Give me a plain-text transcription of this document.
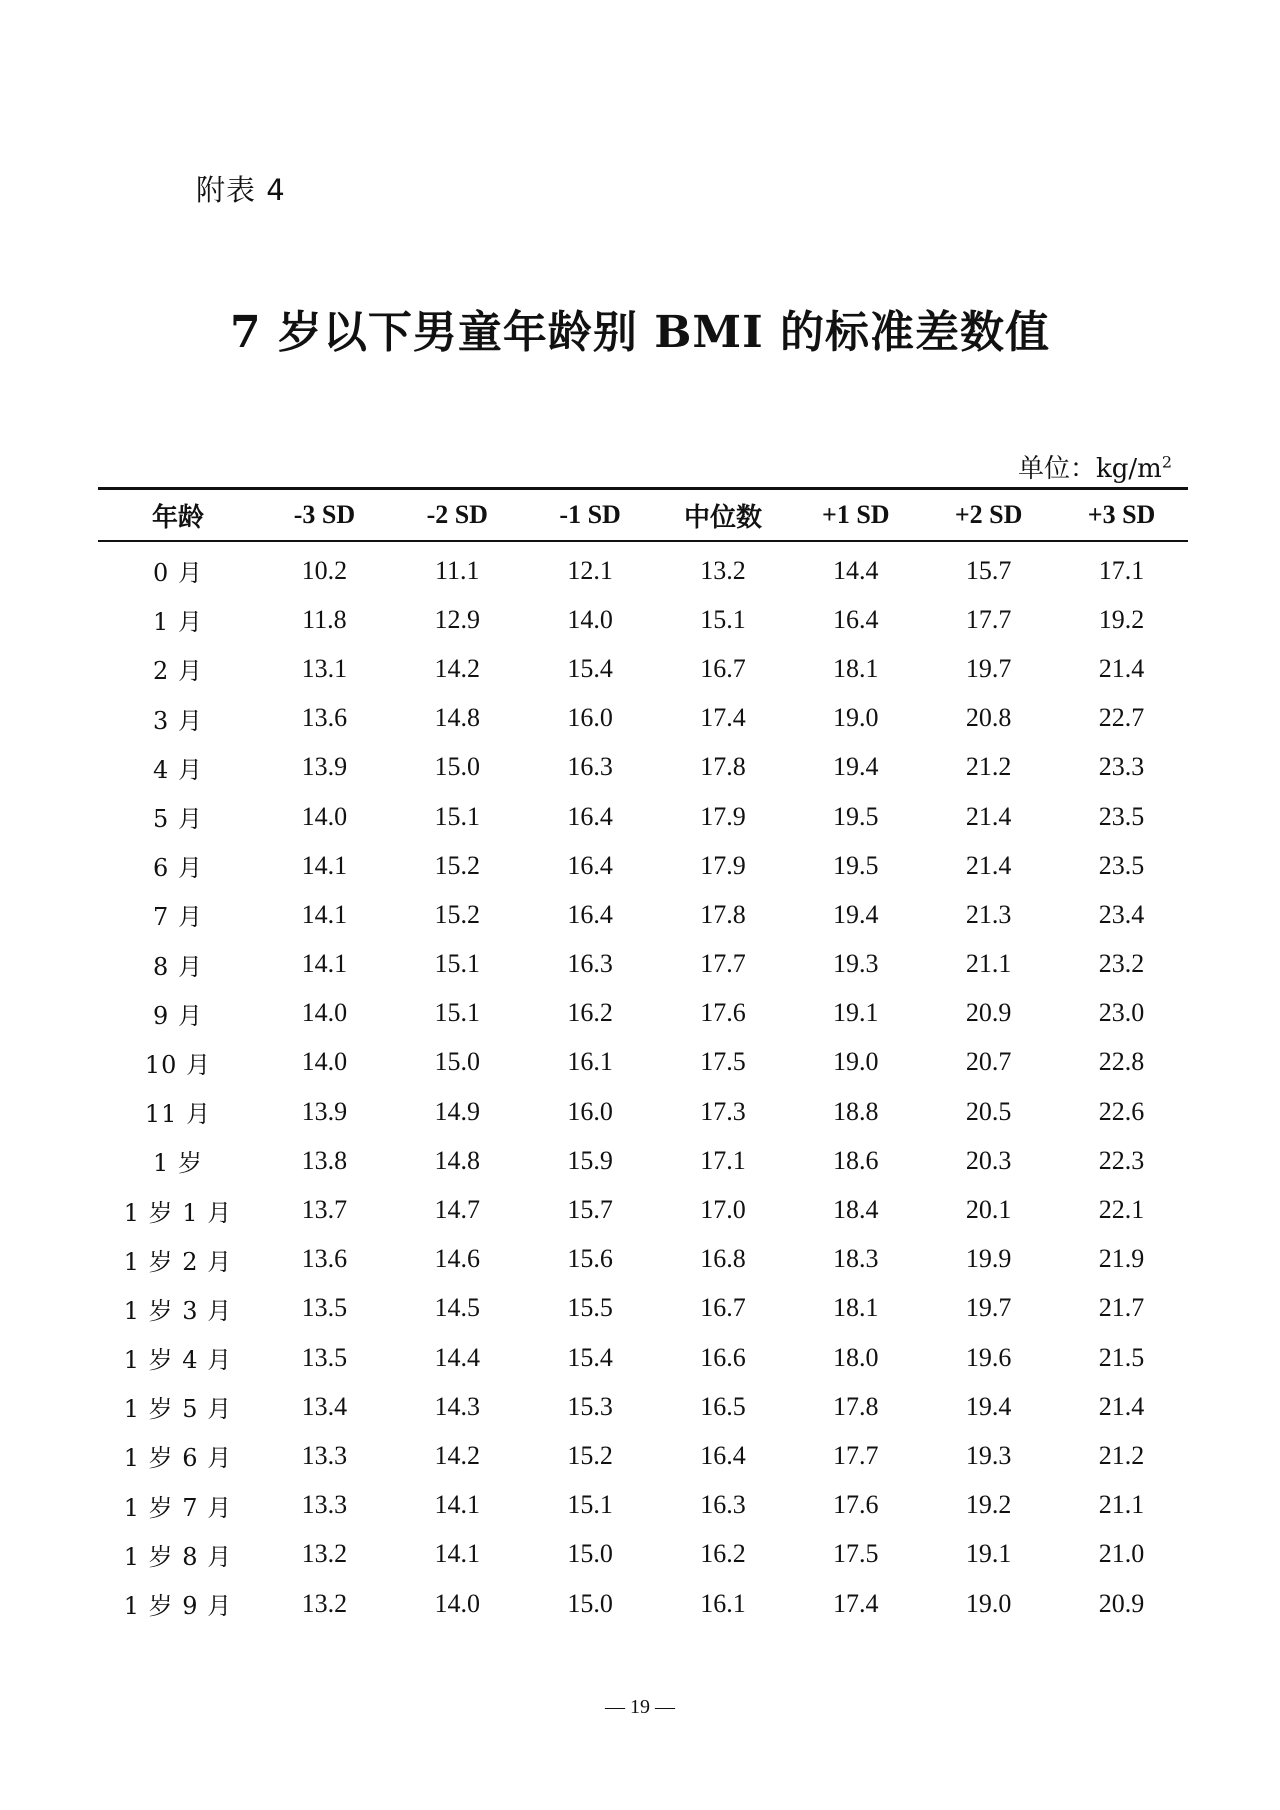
附表 4
7 岁以下男童年龄别 BMI 的标准差数值
单位：$kg/m^2$
年龄	-3 SD	-2 SD	-1 SD	中位数	+1 SD	+2 SD	+3 SD
0 月	10.2	11.1	12.1	13.2	14.4	15.7	17.1
1 月	11.8	12.9	14.0	15.1	16.4	17.7	19.2
2 月	13.1	14.2	15.4	16.7	18.1	19.7	21.4
3 月	13.6	14.8	16.0	17.4	19.0	20.8	22.7
4 月	13.9	15.0	16.3	17.8	19.4	21.2	23.3
5 月	14.0	15.1	16.4	17.9	19.5	21.4	23.5
6 月	14.1	15.2	16.4	17.9	19.5	21.4	23.5
7 月	14.1	15.2	16.4	17.8	19.4	21.3	23.4
8 月	14.1	15.1	16.3	17.7	19.3	21.1	23.2
9 月	14.0	15.1	16.2	17.6	19.1	20.9	23.0
10 月	14.0	15.0	16.1	17.5	19.0	20.7	22.8
11 月	13.9	14.9	16.0	17.3	18.8	20.5	22.6
1 岁	13.8	14.8	15.9	17.1	18.6	20.3	22.3
1 岁 1 月	13.7	14.7	15.7	17.0	18.4	20.1	22.1
1 岁 2 月	13.6	14.6	15.6	16.8	18.3	19.9	21.9
1 岁 3 月	13.5	14.5	15.5	16.7	18.1	19.7	21.7
1 岁 4 月	13.5	14.4	15.4	16.6	18.0	19.6	21.5
1 岁 5 月	13.4	14.3	15.3	16.5	17.8	19.4	21.4
1 岁 6 月	13.3	14.2	15.2	16.4	17.7	19.3	21.2
1 岁 7 月	13.3	14.1	15.1	16.3	17.6	19.2	21.1
1 岁 8 月	13.2	14.1	15.0	16.2	17.5	19.1	21.0
1 岁 9 月	13.2	14.0	15.0	16.1	17.4	19.0	20.9
— 19 —
